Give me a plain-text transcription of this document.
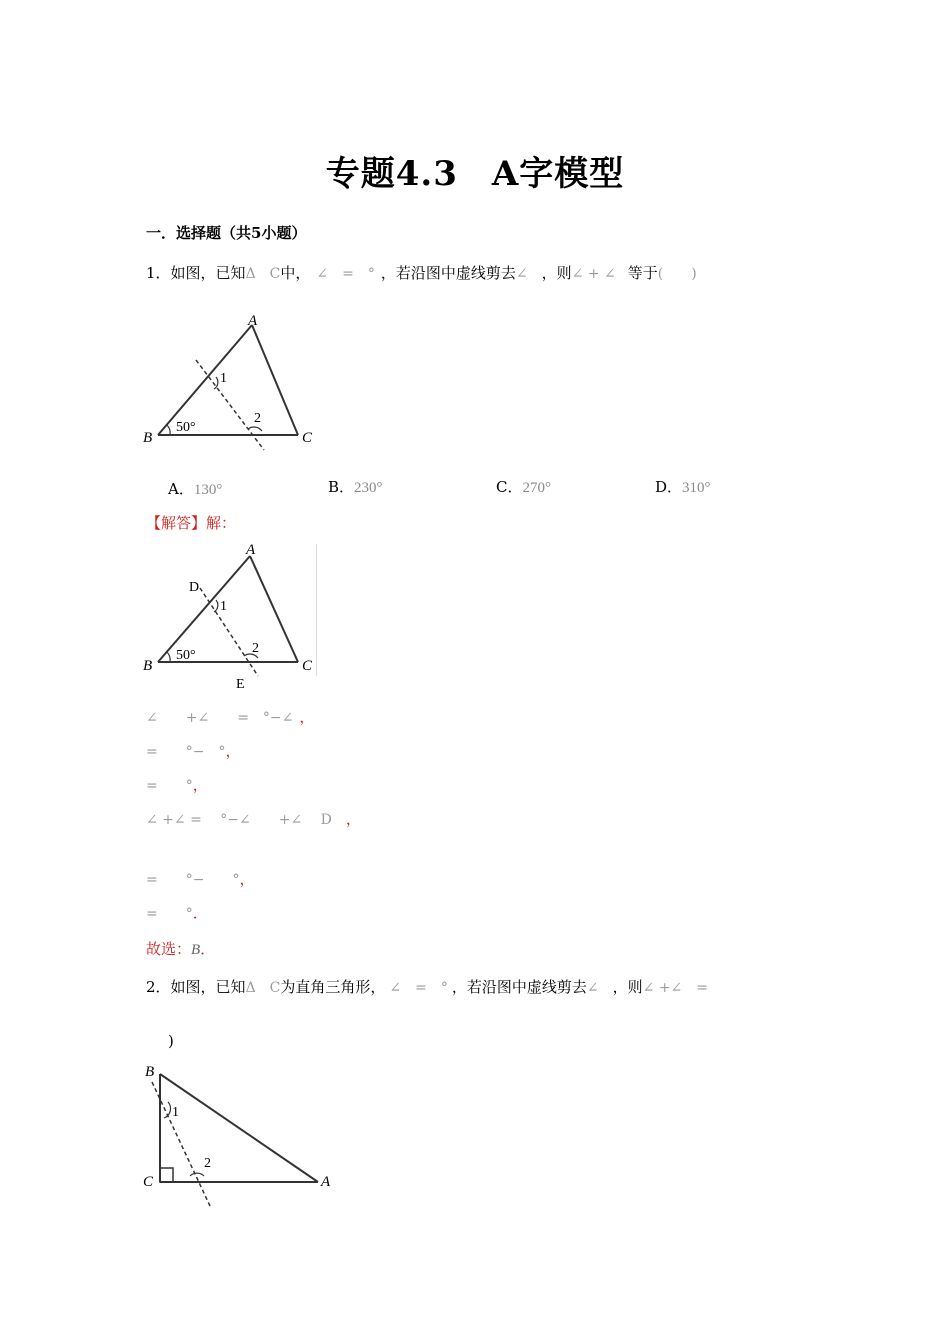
专题4.3 A字模型
一．选择题（共5小题）
1．如图，已知Δ　C中， ∠　=　° ，若沿图中虚线剪去∠ ，则∠ + ∠ 等于(　　)
A
B	C
1
2
50°
A．130°	B．230°	C．270°	D．310°
【解答】解：
A
B	C
D
E
1
2
50°
∠　　+∠　　=　°−∠ ，
=　　°−　°，
=　　°，
∠ +∠ =　 °−∠　　+∠　 D ，
=　　°−　　°，
=　　°．
故选：B．
2．如图，已知Δ　C为直角三角形， ∠　=　° ，若沿图中虚线剪去∠ ，则∠ +∠　=
)
B
C	A
1
2
